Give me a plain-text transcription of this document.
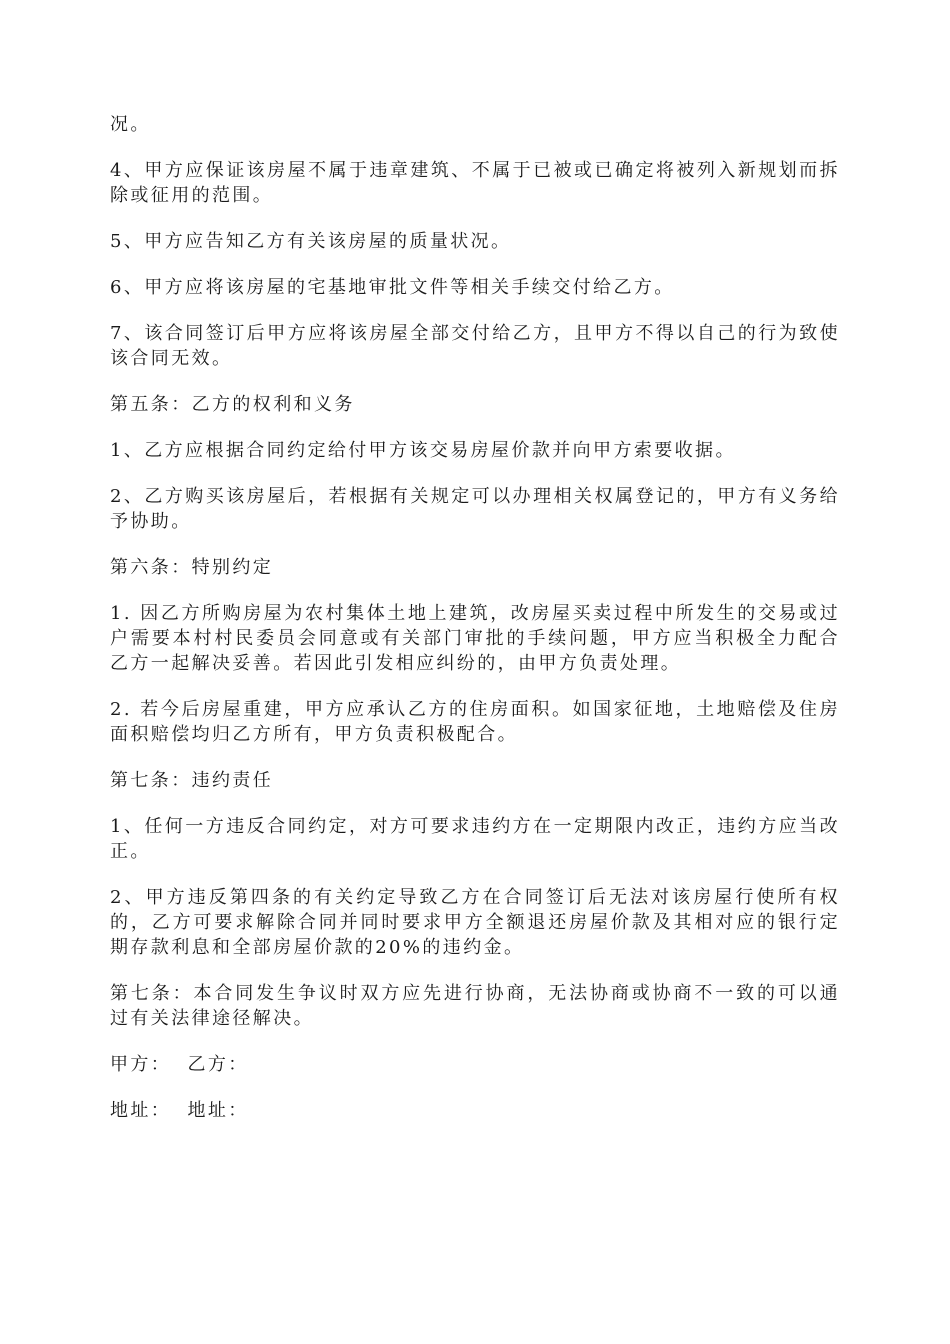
况。

4、甲方应保证该房屋不属于违章建筑、不属于已被或已确定将被列入新规划而拆除或征用的范围。

5、甲方应告知乙方有关该房屋的质量状况。

6、甲方应将该房屋的宅基地审批文件等相关手续交付给乙方。

7、该合同签订后甲方应将该房屋全部交付给乙方，且甲方不得以自己的行为致使该合同无效。

第五条：乙方的权利和义务

1、乙方应根据合同约定给付甲方该交易房屋价款并向甲方索要收据。

2、乙方购买该房屋后，若根据有关规定可以办理相关权属登记的，甲方有义务给予协助。

第六条：特别约定

1. 因乙方所购房屋为农村集体土地上建筑，改房屋买卖过程中所发生的交易或过户需要本村村民委员会同意或有关部门审批的手续问题，甲方应当积极全力配合乙方一起解决妥善。若因此引发相应纠纷的，由甲方负责处理。

2. 若今后房屋重建，甲方应承认乙方的住房面积。如国家征地，土地赔偿及住房面积赔偿均归乙方所有，甲方负责积极配合。

第七条：违约责任

1、任何一方违反合同约定，对方可要求违约方在一定期限内改正，违约方应当改正。

2、甲方违反第四条的有关约定导致乙方在合同签订后无法对该房屋行使所有权的，乙方可要求解除合同并同时要求甲方全额退还房屋价款及其相对应的银行定期存款利息和全部房屋价款的20%的违约金。

第七条：本合同发生争议时双方应先进行协商，无法协商或协商不一致的可以通过有关法律途径解决。

甲方：  乙方：

地址：  地址：
